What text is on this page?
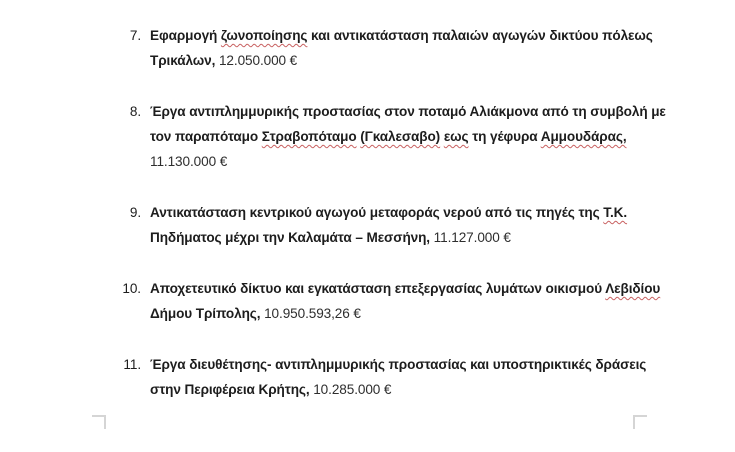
7. Εφαρμογή ζωνοποίησης και αντικατάσταση παλαιών αγωγών δικτύου πόλεως
Τρικάλων, 12.050.000 €
8. Έργα αντιπλημμυρικής προστασίας στον ποταμό Αλιάκμονα από τη συμβολή με
τον παραπόταμο Στραβοπόταμο (Γκαλεσαβο) εως τη γέφυρα Αμμουδάρας,
11.130.000 €
9. Αντικατάσταση κεντρικού αγωγού μεταφοράς νερού από τις πηγές της Τ.Κ.
Πηδήματος μέχρι την Καλαμάτα – Μεσσήνη, 11.127.000 €
10. Αποχετευτικό δίκτυο και εγκατάσταση επεξεργασίας λυμάτων οικισμού Λεβιδίου
Δήμου Τρίπολης, 10.950.593,26 €
11. Έργα διευθέτησης- αντιπλημμυρικής προστασίας και υποστηρικτικές δράσεις
στην Περιφέρεια Κρήτης, 10.285.000 €
